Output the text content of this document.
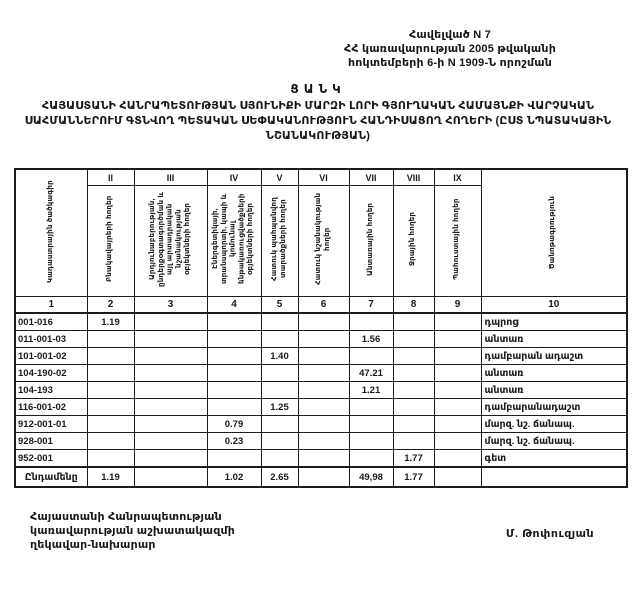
Հավելված N 7
ՀՀ կառավարության 2005 թվականի
հոկտեմբերի 6-ի N 1909-Ն որոշման
ՑԱՆԿ
ՀԱՅԱՍՏԱՆԻ ՀԱՆՐԱՊԵՏՈՒԹՅԱՆ ՍՅՈՒՆԻՔԻ ՄԱՐԶԻ ԼՈՐԻ ԳՅՈՒՂԱԿԱՆ ՀԱՄԱՅՆՔԻ ՎԱՐՉԱԿԱՆ ՍԱՀՄԱՆՆԵՐՈՒՄ ԳՏՆՎՈՂ ՊԵՏԱԿԱՆ ՍԵՓԱԿԱՆՈՒԹՅՈՒՆ ՀԱՆԴԻՍԱՑՈՂ ՀՈՂԵՐԻ (ԸՍՏ ՆՊԱՏԱԿԱՅԻՆ ՆՇԱՆԱԿՈՒԹՅԱՆ)
Կադաստրային ծածկագիր	II	III	IV	V	VI	VII	VIII	IX	Ծանոթագրություն
	Բնակավայրերի հողեր	Արդյունաբերության, ընդերքօգտագործման և այլ արտադրական նշանակության օբյեկտների հողեր	Էներգետիկայի, տրանսպորտի, կապի և կոմունալ ենթակառուցվածքների օբյեկտների հողեր	Հատուկ պահպանվող տարածքների հողեր	Հատուկ նշանակության հողեր	Անտառային հողեր	Ջրային հողեր	Պահուստային հողեր	
1	2	3	4	5	6	7	8	9	10
001-016	1.19								դպրոց
011-001-03						1.56			անտառ
101-001-02				1.40					դամբարան ադաշտ
104-190-02						47.21			անտառ
104-193						1.21			անտառ
116-001-02				1.25					դամբարանադաշտ
912-001-01			0.79						մարզ. նշ. ճանապ.
928-001			0.23						մարզ. նշ. ճանապ.
952-001							1.77		գետ
Ընդամենը	1.19		1.02	2.65		49,98	1.77		
Հայաստանի Հանրապետության
կառավարության աշխատակազմի
ղեկավար-նախարար
Մ. Թոփուզյան
